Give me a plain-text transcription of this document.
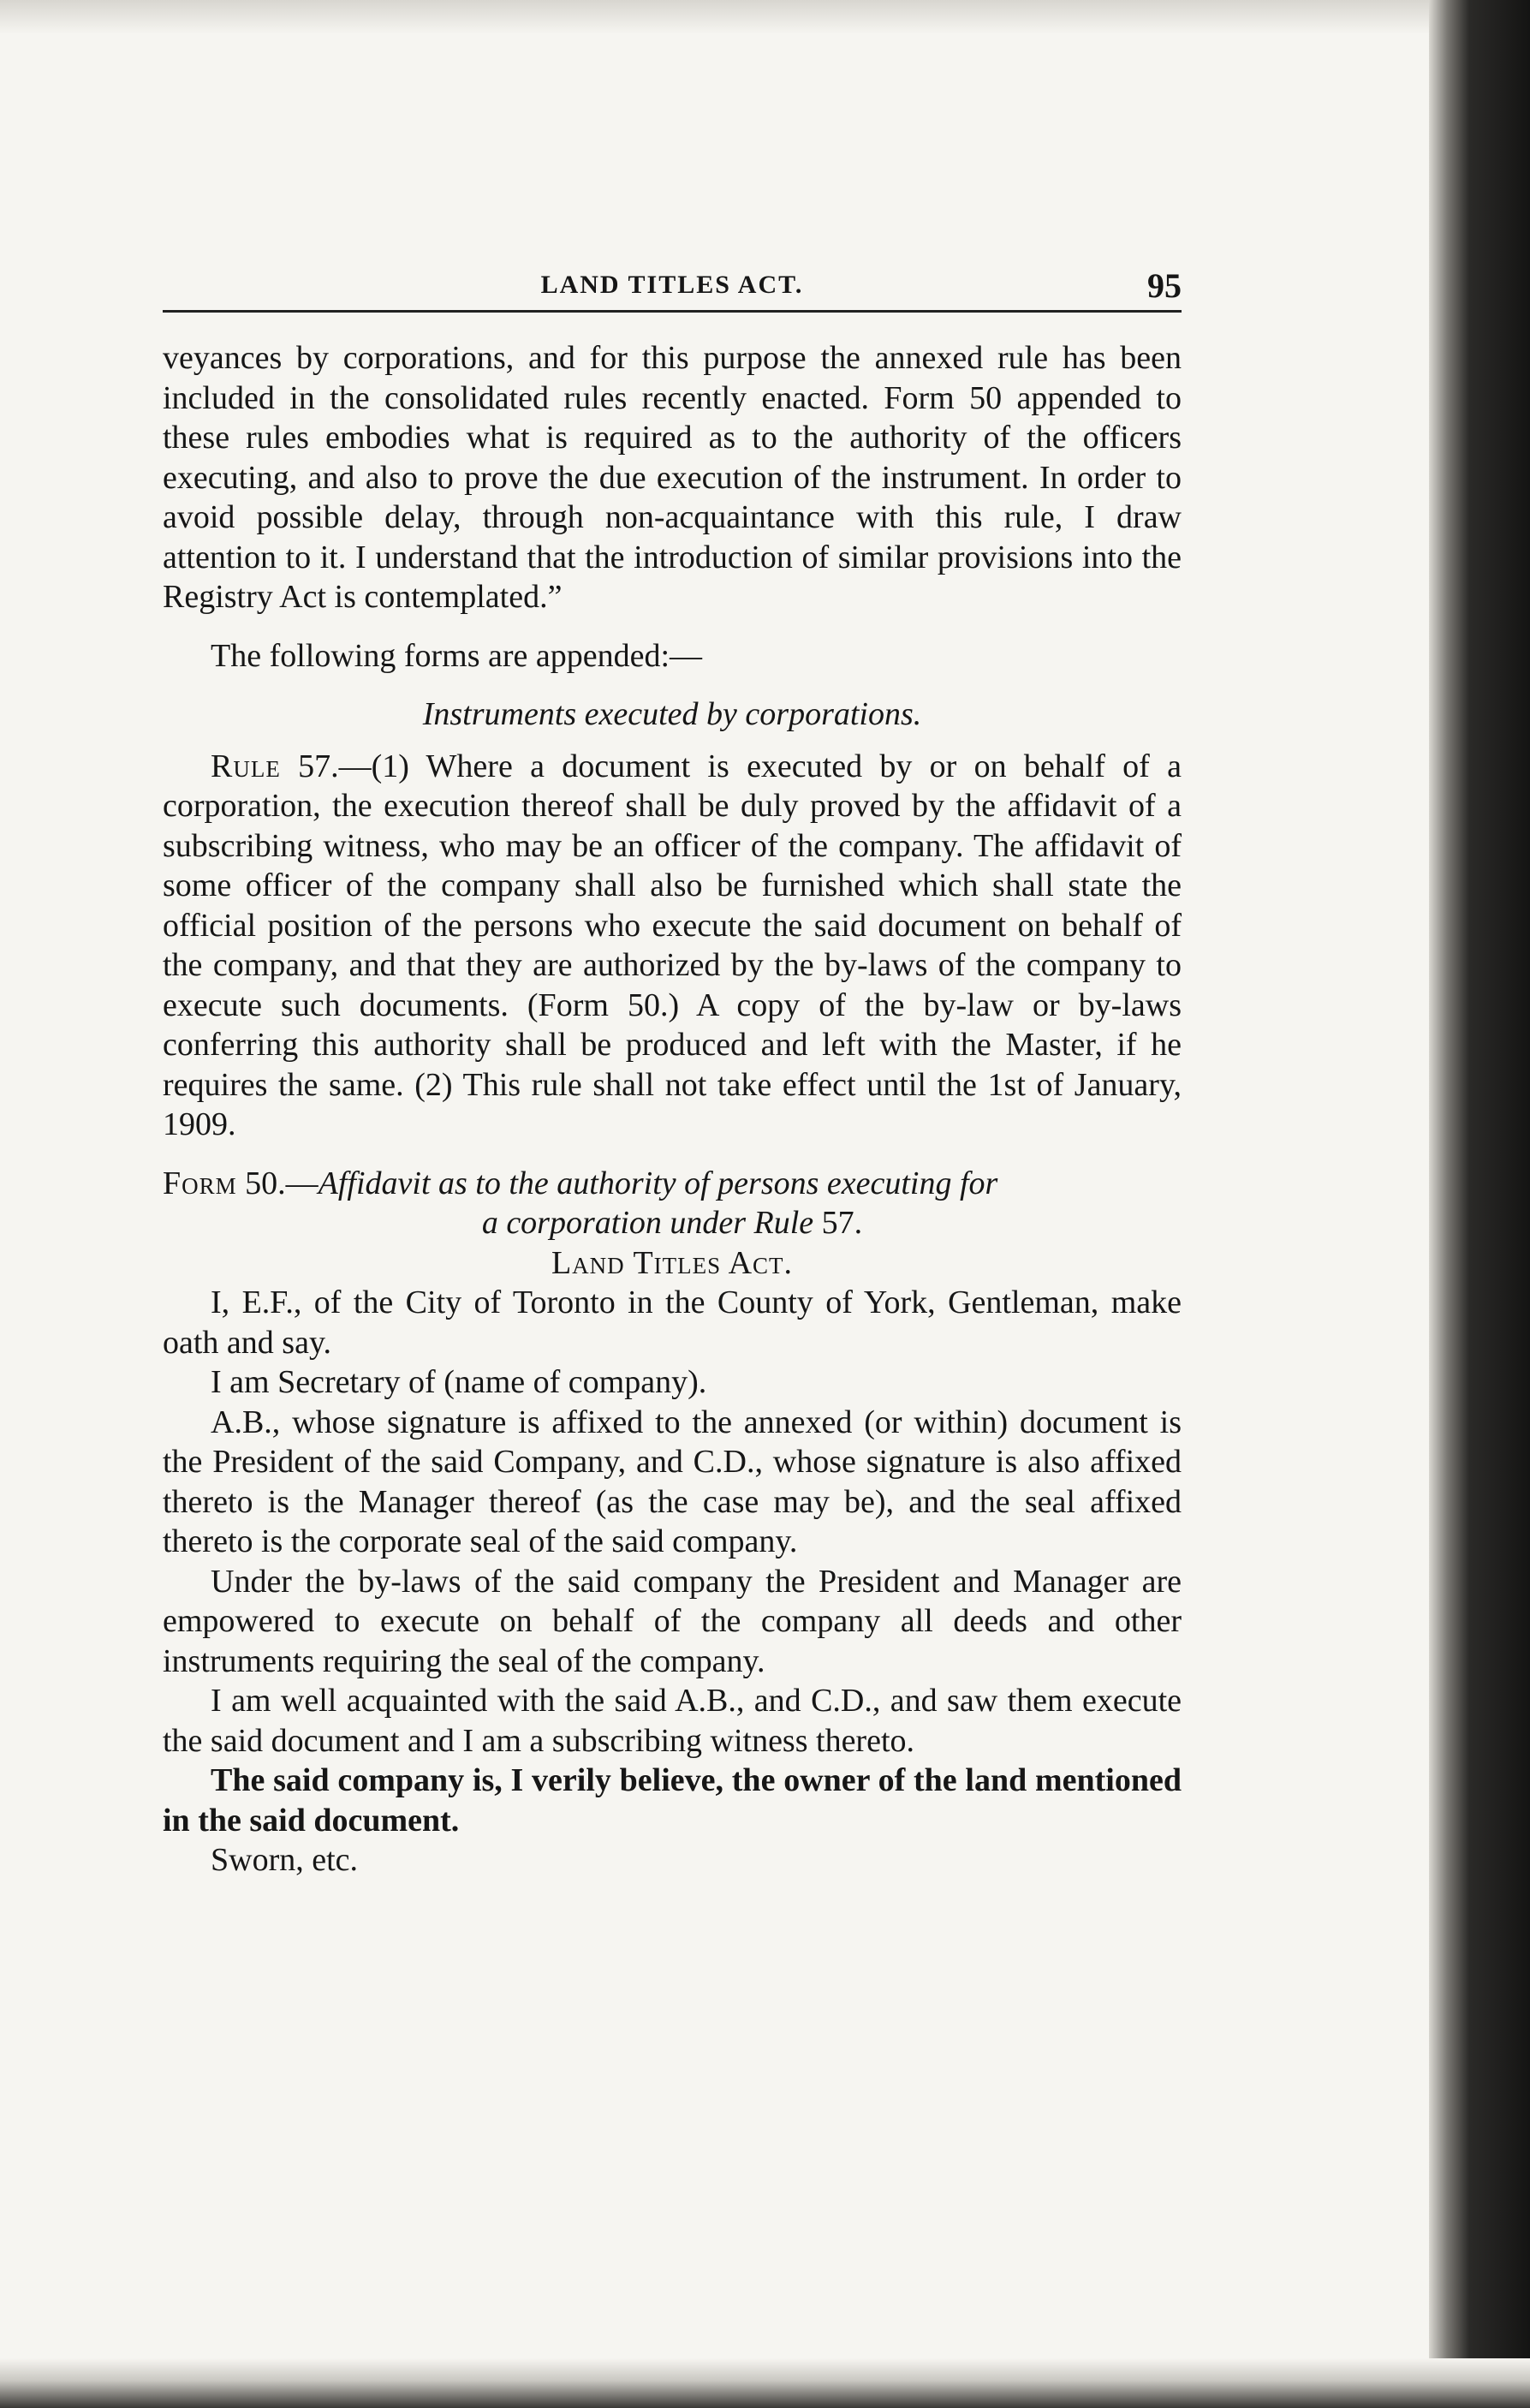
LAND TITLES ACT.	95

veyances by corporations, and for this purpose the annexed rule has been included in the consolidated rules recently enacted. Form 50 appended to these rules embodies what is required as to the authority of the officers executing, and also to prove the due execution of the instrument. In order to avoid possible delay, through non-acquaintance with this rule, I draw attention to it. I understand that the introduction of similar provisions into the Registry Act is contemplated.”

The following forms are appended:—

Instruments executed by corporations.

Rule 57.—(1) Where a document is executed by or on behalf of a corporation, the execution thereof shall be duly proved by the affidavit of a subscribing witness, who may be an officer of the company. The affidavit of some officer of the company shall also be furnished which shall state the official position of the persons who execute the said document on behalf of the company, and that they are authorized by the by-laws of the company to execute such documents. (Form 50.) A copy of the by-law or by-laws conferring this authority shall be produced and left with the Master, if he requires the same. (2) This rule shall not take effect until the 1st of January, 1909.

Form 50.—Affidavit as to the authority of persons executing for
a corporation under Rule 57.

Land Titles Act.

I, E.F., of the City of Toronto in the County of York, Gentleman, make oath and say.

I am Secretary of (name of company).

A.B., whose signature is affixed to the annexed (or within) document is the President of the said Company, and C.D., whose signature is also affixed thereto is the Manager thereof (as the case may be), and the seal affixed thereto is the corporate seal of the said company.

Under the by-laws of the said company the President and Manager are empowered to execute on behalf of the company all deeds and other instruments requiring the seal of the company.

I am well acquainted with the said A.B., and C.D., and saw them execute the said document and I am a subscribing witness thereto.

The said company is, I verily believe, the owner of the land mentioned in the said document.

Sworn, etc.
